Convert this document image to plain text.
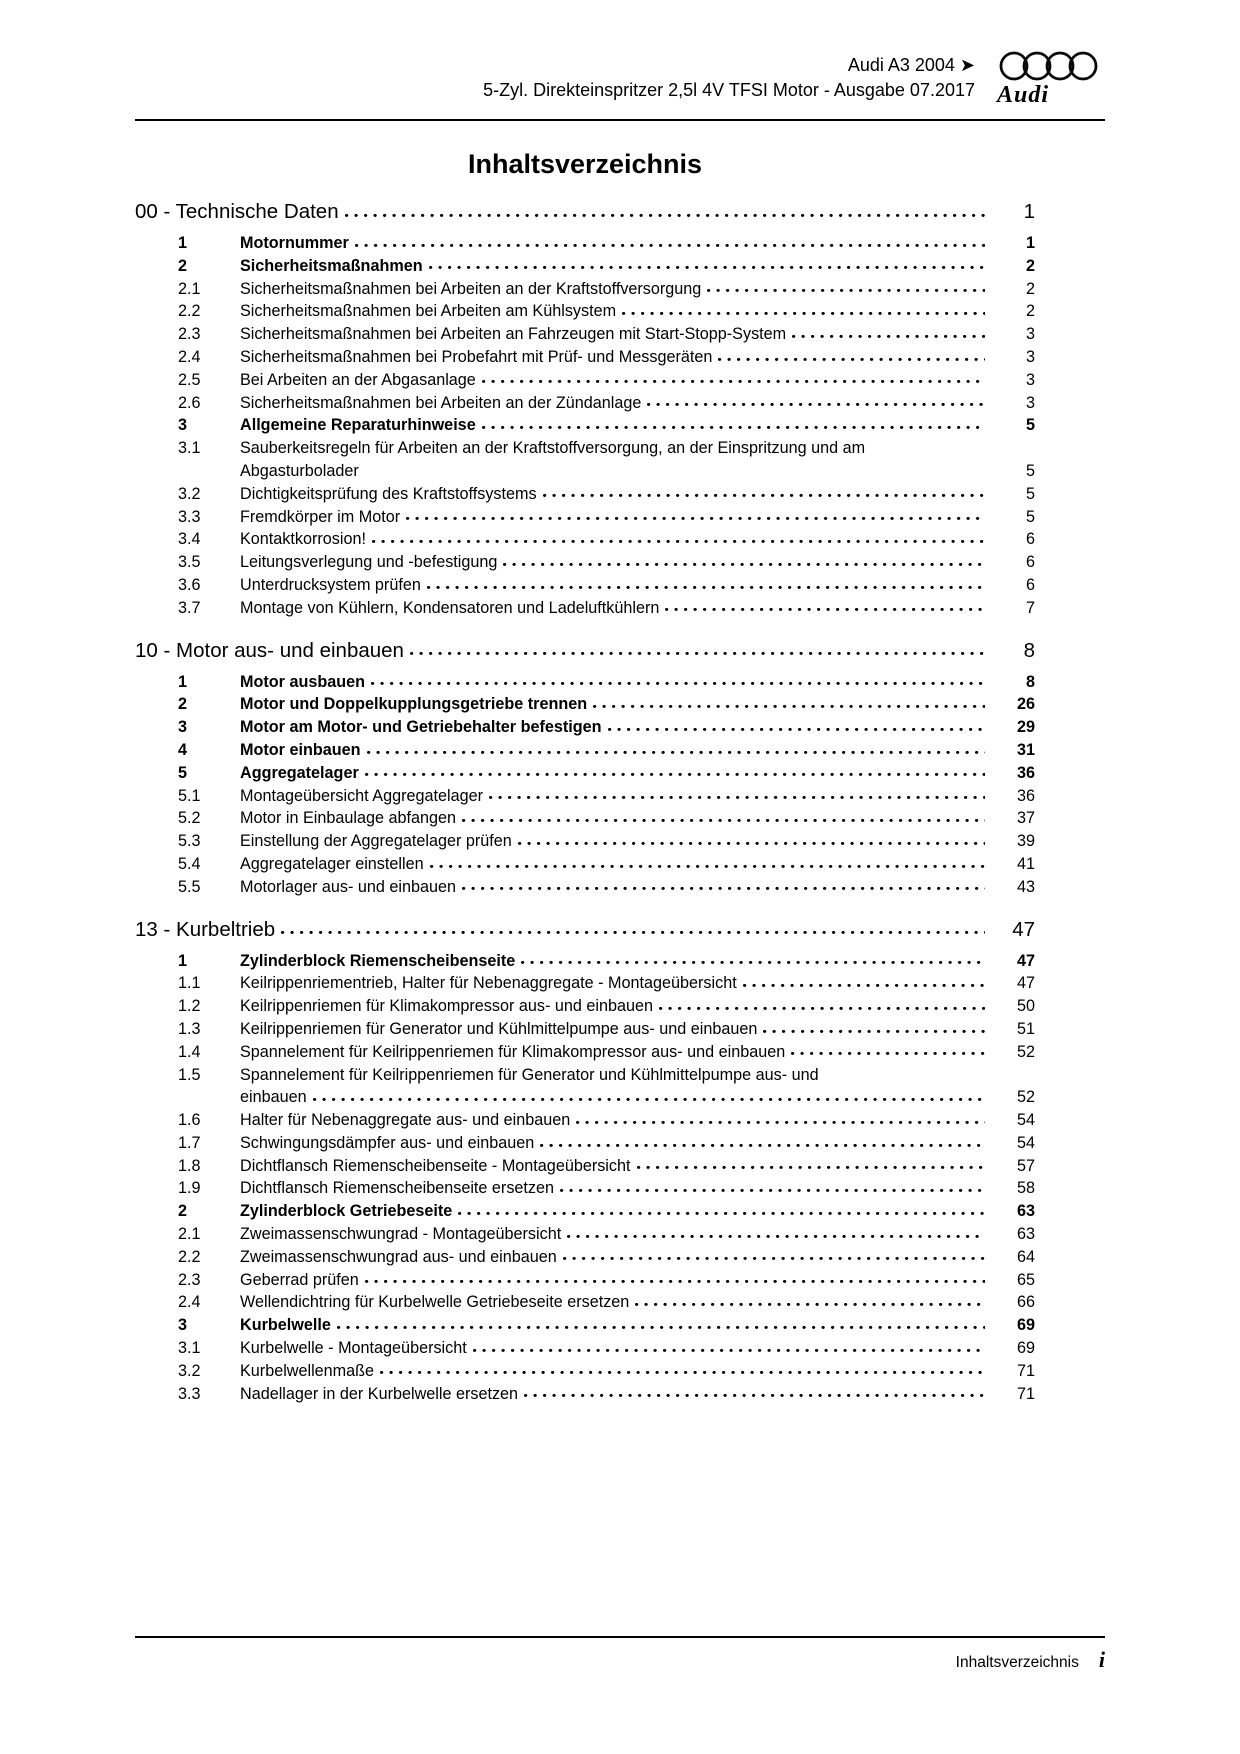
Audi A3 2004 ➤
5-Zyl. Direkteinspritzer 2,5l 4V TFSI Motor - Ausgabe 07.2017 Audi
Inhaltsverzeichnis
00 - Technische Daten	1
1	Motornummer	1
2	Sicherheitsmaßnahmen	2
2.1	Sicherheitsmaßnahmen bei Arbeiten an der Kraftstoffversorgung	2
2.2	Sicherheitsmaßnahmen bei Arbeiten am Kühlsystem	2
2.3	Sicherheitsmaßnahmen bei Arbeiten an Fahrzeugen mit Start-Stopp-System	3
2.4	Sicherheitsmaßnahmen bei Probefahrt mit Prüf- und Messgeräten	3
2.5	Bei Arbeiten an der Abgasanlage	3
2.6	Sicherheitsmaßnahmen bei Arbeiten an der Zündanlage	3
3	Allgemeine Reparaturhinweise	5
3.1	Sauberkeitsregeln für Arbeiten an der Kraftstoffversorgung, an der Einspritzung und am
Abgasturbolader	5
3.2	Dichtigkeitsprüfung des Kraftstoffsystems	5
3.3	Fremdkörper im Motor	5
3.4	Kontaktkorrosion!	6
3.5	Leitungsverlegung und -befestigung	6
3.6	Unterdrucksystem prüfen	6
3.7	Montage von Kühlern, Kondensatoren und Ladeluftkühlern	7
10 - Motor aus- und einbauen	8
1	Motor ausbauen	8
2	Motor und Doppelkupplungsgetriebe trennen	26
3	Motor am Motor- und Getriebehalter befestigen	29
4	Motor einbauen	31
5	Aggregatelager	36
5.1	Montageübersicht Aggregatelager	36
5.2	Motor in Einbaulage abfangen	37
5.3	Einstellung der Aggregatelager prüfen	39
5.4	Aggregatelager einstellen	41
5.5	Motorlager aus- und einbauen	43
13 - Kurbeltrieb	47
1	Zylinderblock Riemenscheibenseite	47
1.1	Keilrippenriementrieb, Halter für Nebenaggregate - Montageübersicht	47
1.2	Keilrippenriemen für Klimakompressor aus- und einbauen	50
1.3	Keilrippenriemen für Generator und Kühlmittelpumpe aus- und einbauen	51
1.4	Spannelement für Keilrippenriemen für Klimakompressor aus- und einbauen	52
1.5	Spannelement für Keilrippenriemen für Generator und Kühlmittelpumpe aus- und
einbauen	52
1.6	Halter für Nebenaggregate aus- und einbauen	54
1.7	Schwingungsdämpfer aus- und einbauen	54
1.8	Dichtflansch Riemenscheibenseite - Montageübersicht	57
1.9	Dichtflansch Riemenscheibenseite ersetzen	58
2	Zylinderblock Getriebeseite	63
2.1	Zweimassenschwungrad - Montageübersicht	63
2.2	Zweimassenschwungrad aus- und einbauen	64
2.3	Geberrad prüfen	65
2.4	Wellendichtring für Kurbelwelle Getriebeseite ersetzen	66
3	Kurbelwelle	69
3.1	Kurbelwelle - Montageübersicht	69
3.2	Kurbelwellenmaße	71
3.3	Nadellager in der Kurbelwelle ersetzen	71
Inhaltsverzeichnis i
